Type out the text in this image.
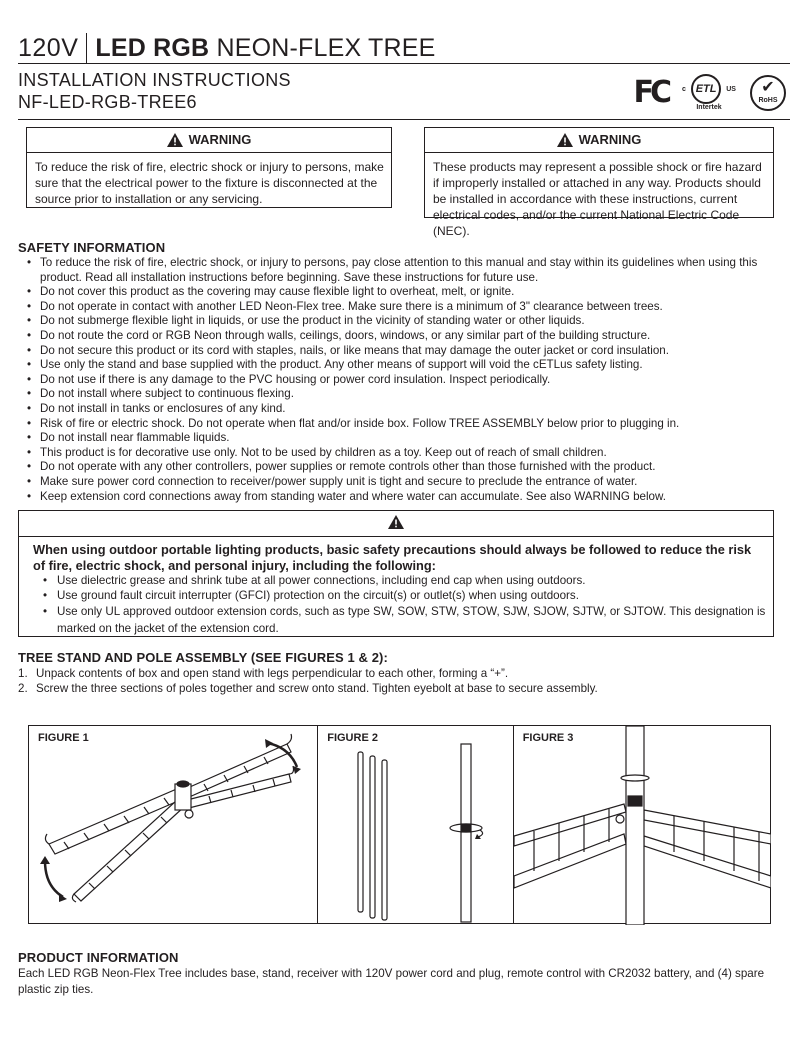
120V LED RGB NEON-FLEX TREE
INSTALLATION INSTRUCTIONS
NF-LED-RGB-TREE6	FC c ETL	US
Intertek
✔
RoHS
WARNING
To reduce the risk of fire, electric shock or injury to persons, make sure that the electrical power to the fixture is disconnected at the source prior to installation or any servicing.
WARNING
These products may represent a possible shock or fire hazard if improperly installed or attached in any way. Products should be installed in accordance with these instructions, current electrical codes, and/or the current National Electric Code (NEC).
SAFETY INFORMATION
• To reduce the risk of fire, electric shock, or injury to persons, pay close attention to this manual and stay within its guidelines when using this product. Read all installation instructions before beginning. Save these instructions for future use.
• Do not cover this product as the covering may cause flexible light to overheat, melt, or ignite.
• Do not operate in contact with another LED Neon-Flex tree. Make sure there is a minimum of 3" clearance between trees.
• Do not submerge flexible light in liquids, or use the product in the vicinity of standing water or other liquids.
• Do not route the cord or RGB Neon through walls, ceilings, doors, windows, or any similar part of the building structure.
• Do not secure this product or its cord with staples, nails, or like means that may damage the outer jacket or cord insulation.
• Use only the stand and base supplied with the product. Any other means of support will void the cETLus safety listing.
• Do not use if there is any damage to the PVC housing or power cord insulation. Inspect periodically.
• Do not install where subject to continuous flexing.
• Do not install in tanks or enclosures of any kind.
• Risk of fire or electric shock. Do not operate when flat and/or inside box. Follow TREE ASSEMBLY below prior to plugging in.
• Do not install near flammable liquids.
• This product is for decorative use only. Not to be used by children as a toy. Keep out of reach of small children.
• Do not operate with any other controllers, power supplies or remote controls other than those furnished with the product.
• Make sure power cord connection to receiver/power supply unit is tight and secure to preclude the entrance of water.
• Keep extension cord connections away from standing water and where water can accumulate. See also WARNING below.
When using outdoor portable lighting products, basic safety precautions should always be followed to reduce the risk of fire, electric shock, and personal injury, including the following:
• Use dielectric grease and shrink tube at all power connections, including end cap when using outdoors.
• Use ground fault circuit interrupter (GFCI) protection on the circuit(s) or outlet(s) when using outdoors.
• Use only UL approved outdoor extension cords, such as type SW, SOW, STW, STOW, SJW, SJOW, SJTW, or SJTOW. This designation is marked on the jacket of the extension cord.
TREE STAND AND POLE ASSEMBLY (SEE FIGURES 1 & 2):
1. Unpack contents of box and open stand with legs perpendicular to each other, forming a “+”.
2. Screw the three sections of poles together and screw onto stand. Tighten eyebolt at base to secure assembly.
FIGURE 1	FIGURE 2	FIGURE 3
PRODUCT INFORMATION
Each LED RGB Neon-Flex Tree includes base, stand, receiver with 120V power cord and plug, remote control with CR2032 battery, and (4) spare plastic zip ties.
